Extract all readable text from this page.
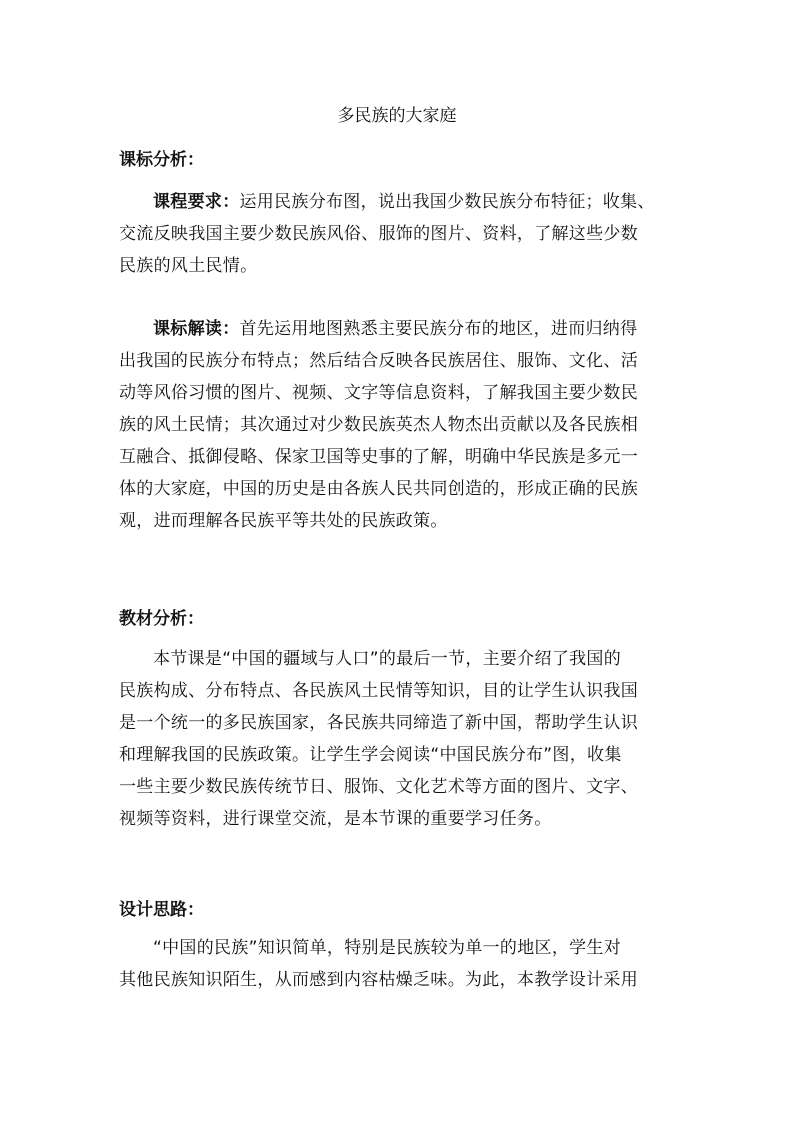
多民族的大家庭
课标分析：
课程要求：运用民族分布图，说出我国少数民族分布特征；收集、
交流反映我国主要少数民族风俗、服饰的图片、资料，了解这些少数
民族的风土民情。
课标解读：首先运用地图熟悉主要民族分布的地区，进而归纳得
出我国的民族分布特点；然后结合反映各民族居住、服饰、文化、活
动等风俗习惯的图片、视频、文字等信息资料，了解我国主要少数民
族的风土民情；其次通过对少数民族英杰人物杰出贡献以及各民族相
互融合、抵御侵略、保家卫国等史事的了解，明确中华民族是多元一
体的大家庭，中国的历史是由各族人民共同创造的，形成正确的民族
观，进而理解各民族平等共处的民族政策。
教材分析：
本节课是“中国的疆域与人口”的最后一节，主要介绍了我国的
民族构成、分布特点、各民族风土民情等知识，目的让学生认识我国
是一个统一的多民族国家，各民族共同缔造了新中国，帮助学生认识
和理解我国的民族政策。让学生学会阅读“中国民族分布”图，收集
一些主要少数民族传统节日、服饰、文化艺术等方面的图片、文字、
视频等资料，进行课堂交流，是本节课的重要学习任务。
设计思路：
“中国的民族”知识简单，特别是民族较为单一的地区，学生对
其他民族知识陌生，从而感到内容枯燥乏味。为此，本教学设计采用
